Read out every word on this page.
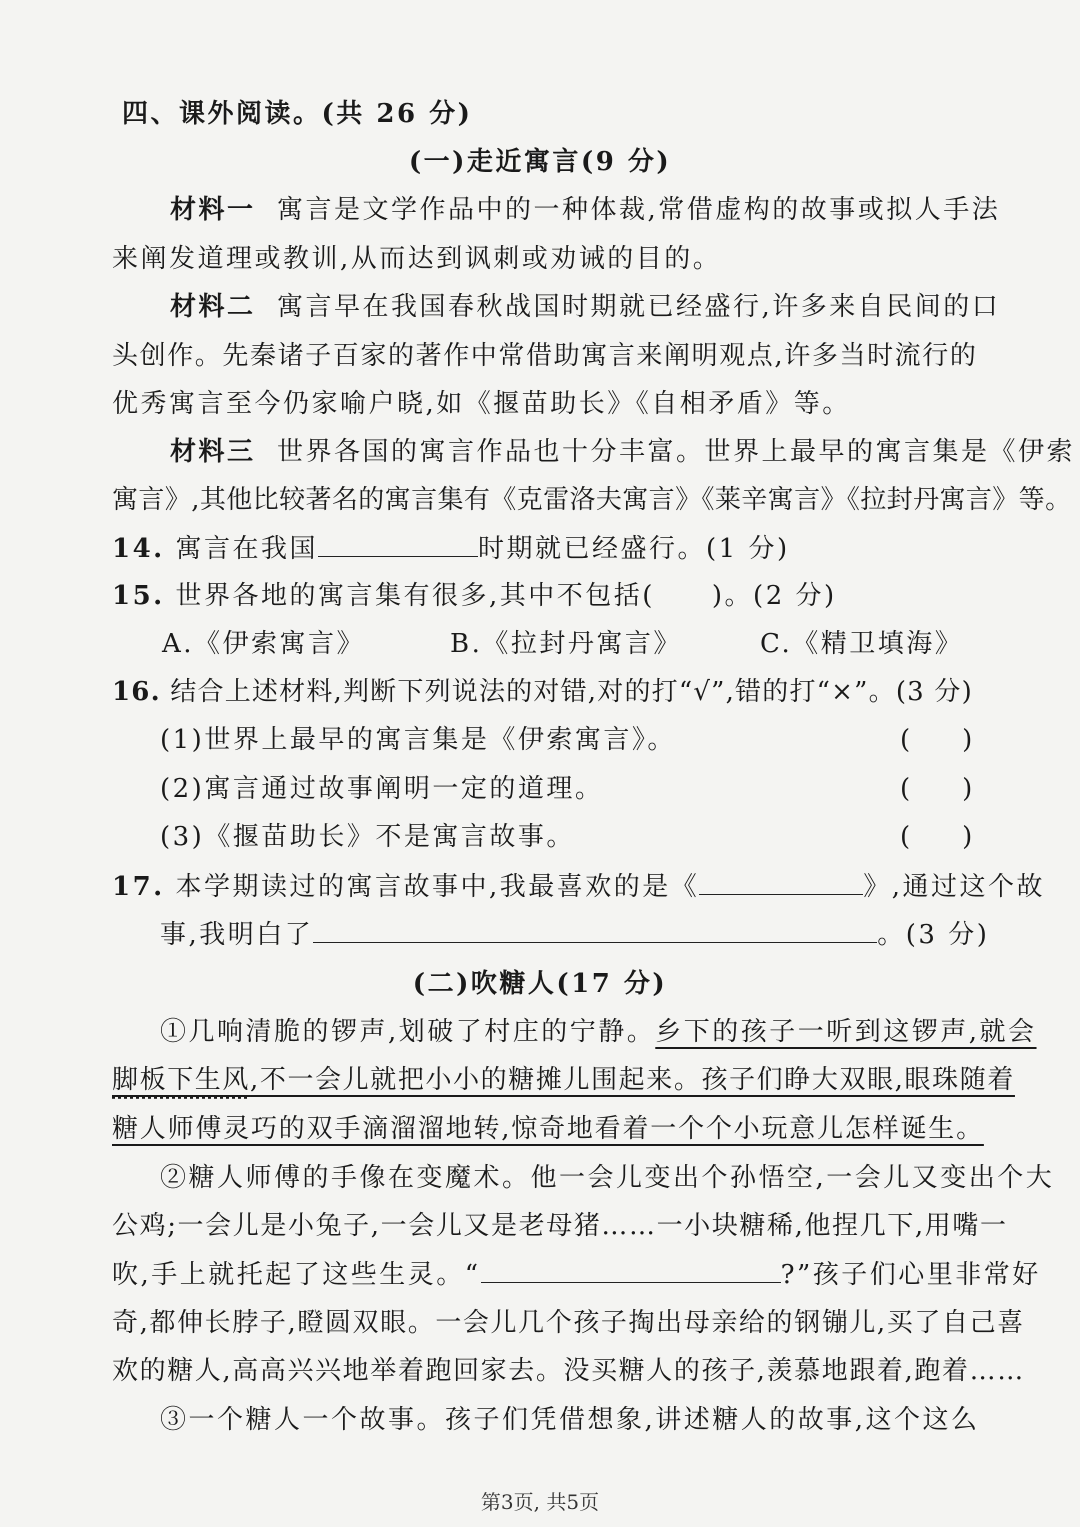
四、课外阅读。(共 26 分)
(一)走近寓言(9 分)
材料一 寓言是文学作品中的一种体裁,常借虚构的故事或拟人手法
来阐发道理或教训,从而达到讽刺或劝诫的目的。
材料二 寓言早在我国春秋战国时期就已经盛行,许多来自民间的口
头创作。先秦诸子百家的著作中常借助寓言来阐明观点,许多当时流行的
优秀寓言至今仍家喻户晓,如《揠苗助长》《自相矛盾》等。
材料三 世界各国的寓言作品也十分丰富。世界上最早的寓言集是《伊索
寓言》,其他比较著名的寓言集有《克雷洛夫寓言》《莱辛寓言》《拉封丹寓言》等。
14. 寓言在我国	时期就已经盛行。(1 分)
15. 世界各地的寓言集有很多,其中不包括(　　)。(2 分)
A.《伊索寓言》	B.《拉封丹寓言》	C.《精卫填海》
16. 结合上述材料,判断下列说法的对错,对的打“√”,错的打“×”。(3 分)
(1)世界上最早的寓言集是《伊索寓言》。	(　　)
(2)寓言通过故事阐明一定的道理。	(　　)
(3)《揠苗助长》不是寓言故事。	(　　)
17. 本学期读过的寓言故事中,我最喜欢的是《	》,通过这个故
事,我明白了	。(3 分)
(二)吹糖人(17 分)
①几响清脆的锣声,划破了村庄的宁静。乡下的孩子一听到这锣声,就会
脚板下生风,不一会儿就把小小的糖摊儿围起来。孩子们睁大双眼,眼珠随着
糖人师傅灵巧的双手滴溜溜地转,惊奇地看着一个个小玩意儿怎样诞生。
②糖人师傅的手像在变魔术。他一会儿变出个孙悟空,一会儿又变出个大
公鸡;一会儿是小兔子,一会儿又是老母猪……一小块糖稀,他捏几下,用嘴一
吹,手上就托起了这些生灵。“	?”孩子们心里非常好
奇,都伸长脖子,瞪圆双眼。一会儿几个孩子掏出母亲给的钢镚儿,买了自己喜
欢的糖人,高高兴兴地举着跑回家去。没买糖人的孩子,羡慕地跟着,跑着……
③一个糖人一个故事。孩子们凭借想象,讲述糖人的故事,这个这么
第3页, 共5页
